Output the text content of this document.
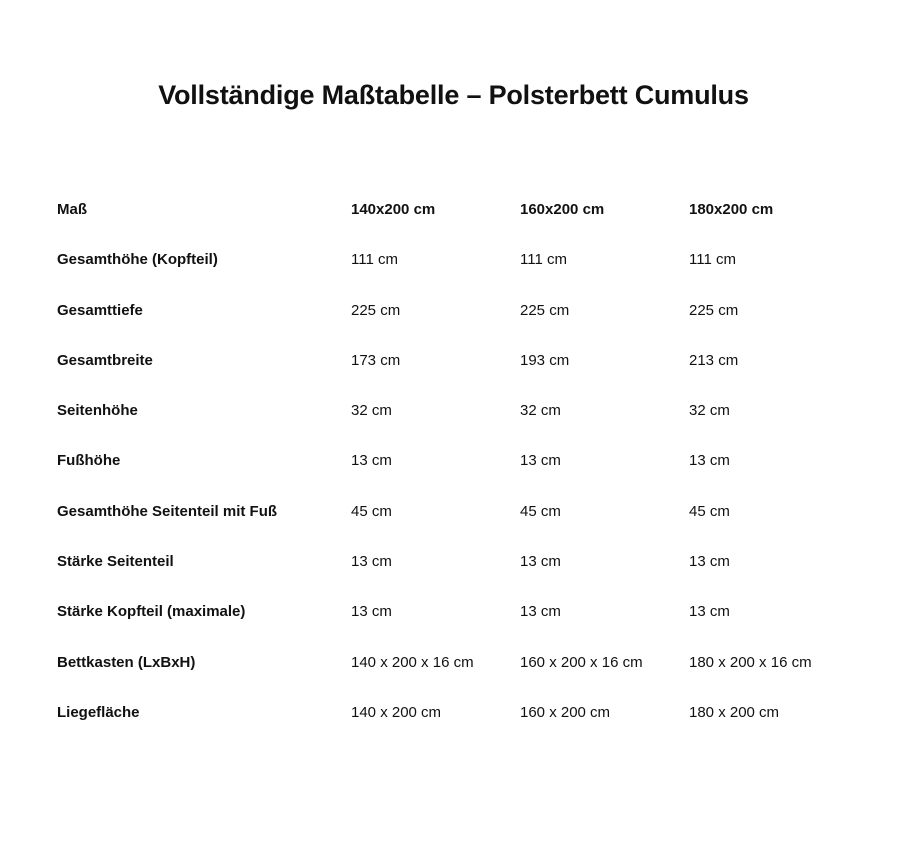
Vollständige Maßtabelle – Polsterbett Cumulus
Maß	140x200 cm	160x200 cm	180x200 cm
Gesamthöhe (Kopfteil)	111 cm	111 cm	111 cm
Gesamttiefe	225 cm	225 cm	225 cm
Gesamtbreite	173 cm	193 cm	213 cm
Seitenhöhe	32 cm	32 cm	32 cm
Fußhöhe	13 cm	13 cm	13 cm
Gesamthöhe Seitenteil mit Fuß	45 cm	45 cm	45 cm
Stärke Seitenteil	13 cm	13 cm	13 cm
Stärke Kopfteil (maximale)	13 cm	13 cm	13 cm
Bettkasten (LxBxH)	140 x 200 x 16 cm	160 x 200 x 16 cm	180 x 200 x 16 cm
Liegefläche	140 x 200 cm	160 x 200 cm	180 x 200 cm
